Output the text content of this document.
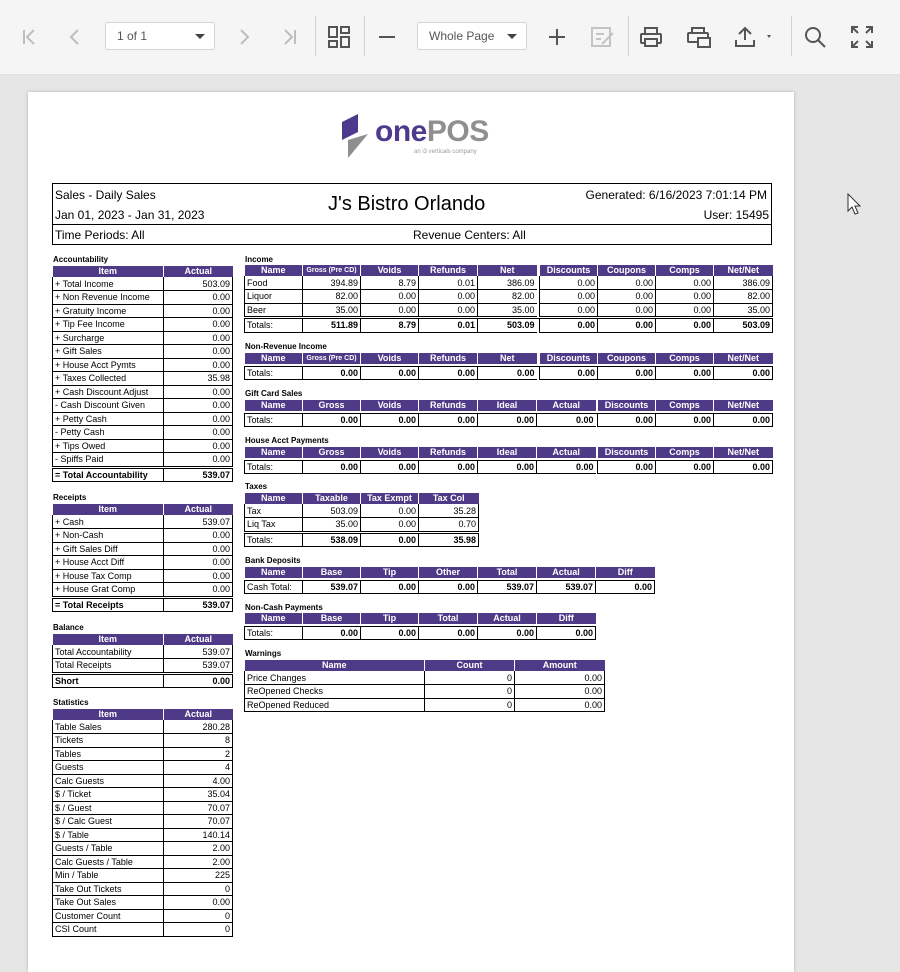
1 of 1	Whole Page
onePOS
an i3 verticals company
Sales - Daily Sales
Jan 01, 2023 - Jan 31, 2023	J's Bistro Orlando	Generated: 6/16/2023 7:01:14 PM
User: 15495
Time Periods: All	Revenue Centers: All
Accountability
Item	Actual
+ Total Income	503.09
+ Non Revenue Income	0.00
+ Gratuity Income	0.00
+ Tip Fee Income	0.00
+ Surcharge	0.00
+ Gift Sales	0.00
+ House Acct Pymts	0.00
+ Taxes Collected	35.98
+ Cash Discount Adjust	0.00
- Cash Discount Given	0.00
+ Petty Cash	0.00
- Petty Cash	0.00
+ Tips Owed	0.00
- Spiffs Paid	0.00

= Total Accountability	539.07
Receipts
Item	Actual
+ Cash	539.07
+ Non-Cash	0.00
+ Gift Sales Diff	0.00
+ House Acct Diff	0.00
+ House Tax Comp	0.00
+ House Grat Comp	0.00

= Total Receipts	539.07
Balance
Item	Actual
Total Accountability	539.07
Total Receipts	539.07

Short	0.00
Statistics
Item	Actual
Table Sales	280.28
Tickets	8
Tables	2
Guests	4
Calc Guests	4.00
$ / Ticket	35.04
$ / Guest	70.07
$ / Calc Guest	70.07
$ / Table	140.14
Guests / Table	2.00
Calc Guests / Table	2.00
Min / Table	225
Take Out Tickets	0
Take Out Sales	0.00
Customer Count	0
CSI Count	0
Income
Name	Gross (Pre CD)	Voids	Refunds	Net		Discounts	Coupons	Comps	Net/Net
Food	394.89	8.79	0.01	386.09		0.00	0.00	0.00	386.09
Liquor	82.00	0.00	0.00	82.00		0.00	0.00	0.00	82.00
Beer	35.00	0.00	0.00	35.00		0.00	0.00	0.00	35.00

Totals:	511.89	8.79	0.01	503.09		0.00	0.00	0.00	503.09
Non-Revenue Income
Name	Gross (Pre CD)	Voids	Refunds	Net		Discounts	Coupons	Comps	Net/Net

Totals:	0.00	0.00	0.00	0.00		0.00	0.00	0.00	0.00
Gift Card Sales
Name	Gross	Voids	Refunds	Ideal	Actual		Discounts	Comps	Net/Net

Totals:	0.00	0.00	0.00	0.00	0.00		0.00	0.00	0.00
House Acct Payments
Name	Gross	Voids	Refunds	Ideal	Actual		Discounts	Comps	Net/Net

Totals:	0.00	0.00	0.00	0.00	0.00		0.00	0.00	0.00
Taxes
Name	Taxable	Tax Exmpt	Tax Col
Tax	503.09	0.00	35.28
Liq Tax	35.00	0.00	0.70

Totals:	538.09	0.00	35.98
Bank Deposits
Name	Base	Tip	Other	Total	Actual	Diff

Cash Total:	539.07	0.00	0.00	539.07	539.07	0.00
Non-Cash Payments
Name	Base	Tip	Total	Actual	Diff

Totals:	0.00	0.00	0.00	0.00	0.00
Warnings
Name	Count	Amount
Price Changes	0	0.00
ReOpened Checks	0	0.00
ReOpened Reduced	0	0.00
